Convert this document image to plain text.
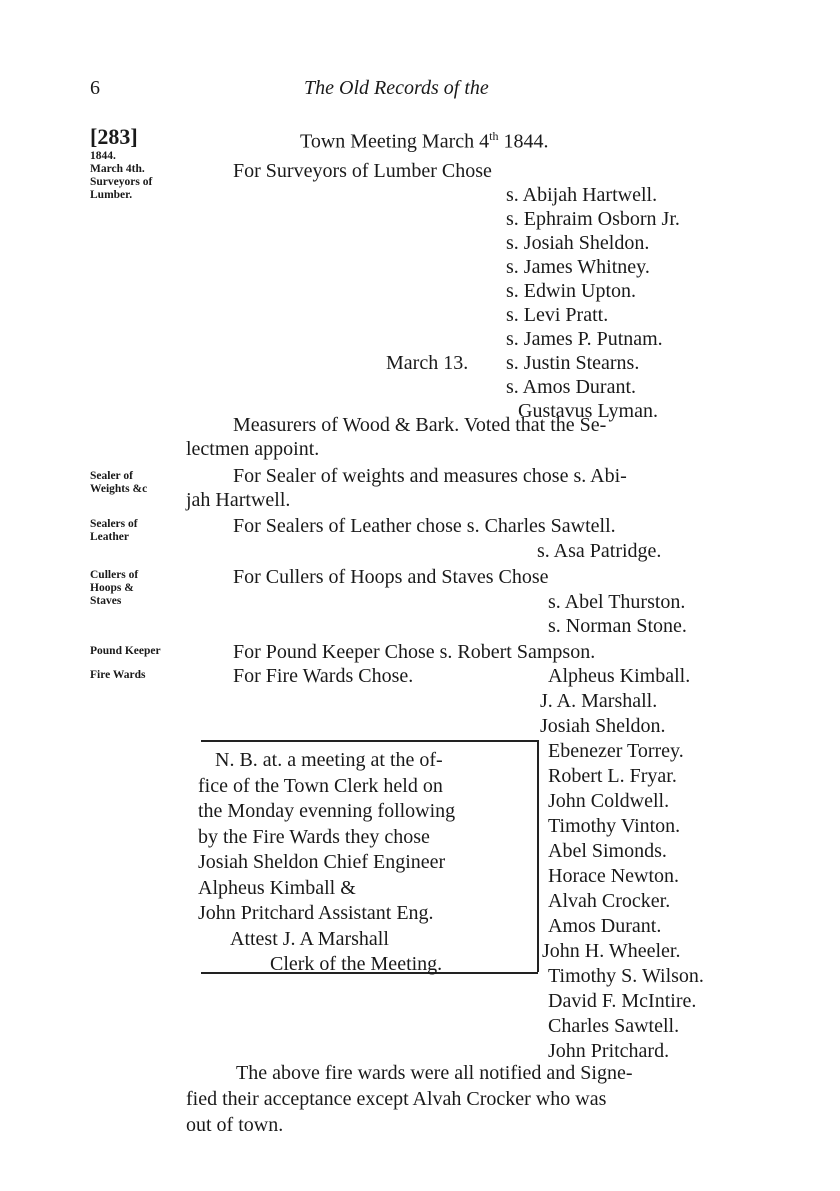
6	The Old Records of the
[283]	Town Meeting March 4th 1844.
1844.
March 4th.
Surveyors of
Lumber.
Sealer of
Weights &c
Sealers of
Leather
Cullers of
Hoops &
Staves
Pound Keeper
Fire Wards
For Surveyors of Lumber Chose
s. Abijah Hartwell.
s. Ephraim Osborn Jr.
s. Josiah Sheldon.
s. James Whitney.
s. Edwin Upton.
s. Levi Pratt.
s. James P. Putnam.
s. Justin Stearns.
s. Amos Durant.
Gustavus Lyman.
March 13.
Measurers of Wood & Bark. Voted that the Se-
lectmen appoint.
For Sealer of weights and measures chose s. Abi-
jah Hartwell.
For Sealers of Leather chose s. Charles Sawtell.
s. Asa Patridge.
For Cullers of Hoops and Staves Chose
s. Abel Thurston.
s. Norman Stone.
For Pound Keeper Chose s. Robert Sampson.
For Fire Wards Chose.	Alpheus Kimball.
J. A. Marshall.
Josiah Sheldon.
Ebenezer Torrey.
Robert L. Fryar.
John Coldwell.
Timothy Vinton.
Abel Simonds.
Horace Newton.
Alvah Crocker.
Amos Durant.
John H. Wheeler.
Timothy S. Wilson.
David F. McIntire.
Charles Sawtell.
John Pritchard.
N. B. at. a meeting at the of-
fice of the Town Clerk held on
the Monday evenning following
by the Fire Wards they chose
Josiah Sheldon Chief Engineer
Alpheus Kimball &
John Pritchard Assistant Eng.
Attest J. A Marshall
Clerk of the Meeting.
The above fire wards were all notified and Signe-
fied their acceptance except Alvah Crocker who was
out of town.
